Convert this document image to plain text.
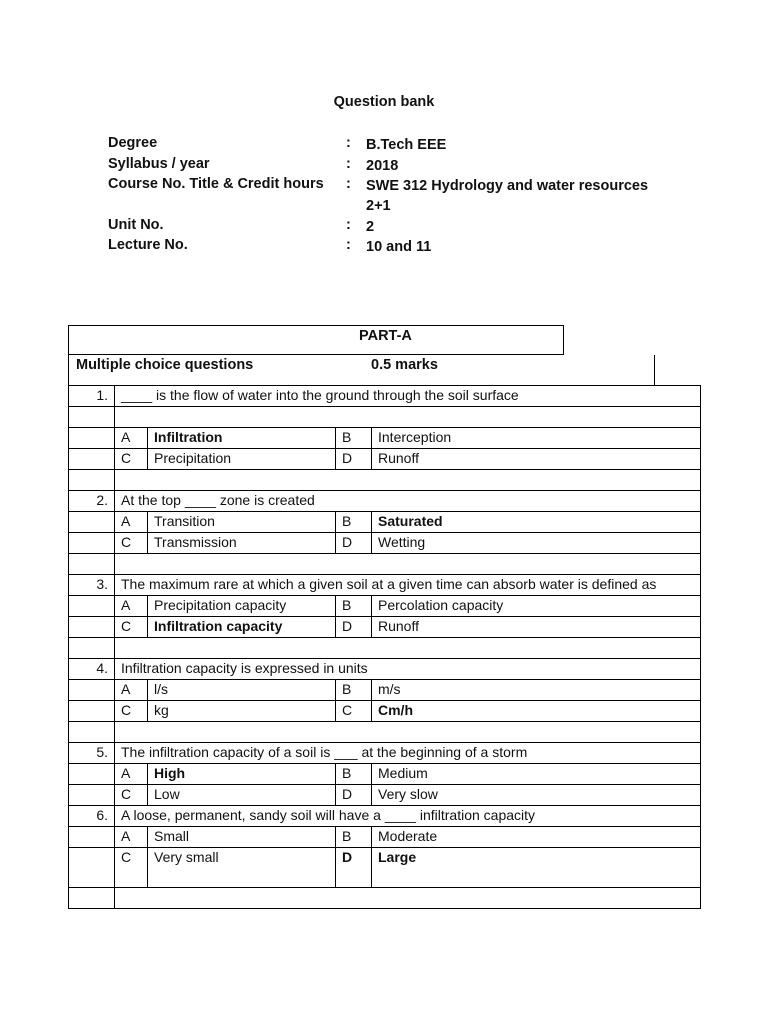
Question bank
Degree	: B.Tech EEE
Syllabus / year	: 2018
Course No. Title & Credit hours : SWE 312 Hydrology and water resources 2+1
Unit No.	: 2
Lecture No.	: 10 and 11
PART-A
Multiple choice questions	0.5 marks
1.	____ is the flow of water into the ground through the soil surface			

	A	Infiltration	B	Interception
	C	Precipitation	D	Runoff

2.	At the top ____ zone is created			
	A	Transition	B	Saturated
	C	Transmission	D	Wetting

3.	The maximum rare at which a given soil at a given time can absorb water is defined as			
	A	Precipitation capacity	B	Percolation capacity
	C	Infiltration capacity	D	Runoff

4.	Infiltration capacity is expressed in units			
	A	l/s	B	m/s
	C	kg	C	Cm/h

5.	The infiltration capacity of a soil is ___ at the beginning of a storm			
	A	High	B	Medium
	C	Low	D	Very slow
6.	A loose, permanent, sandy soil will have a ____ infiltration capacity			
	A	Small	B	Moderate
	C	Very small	D	Large
